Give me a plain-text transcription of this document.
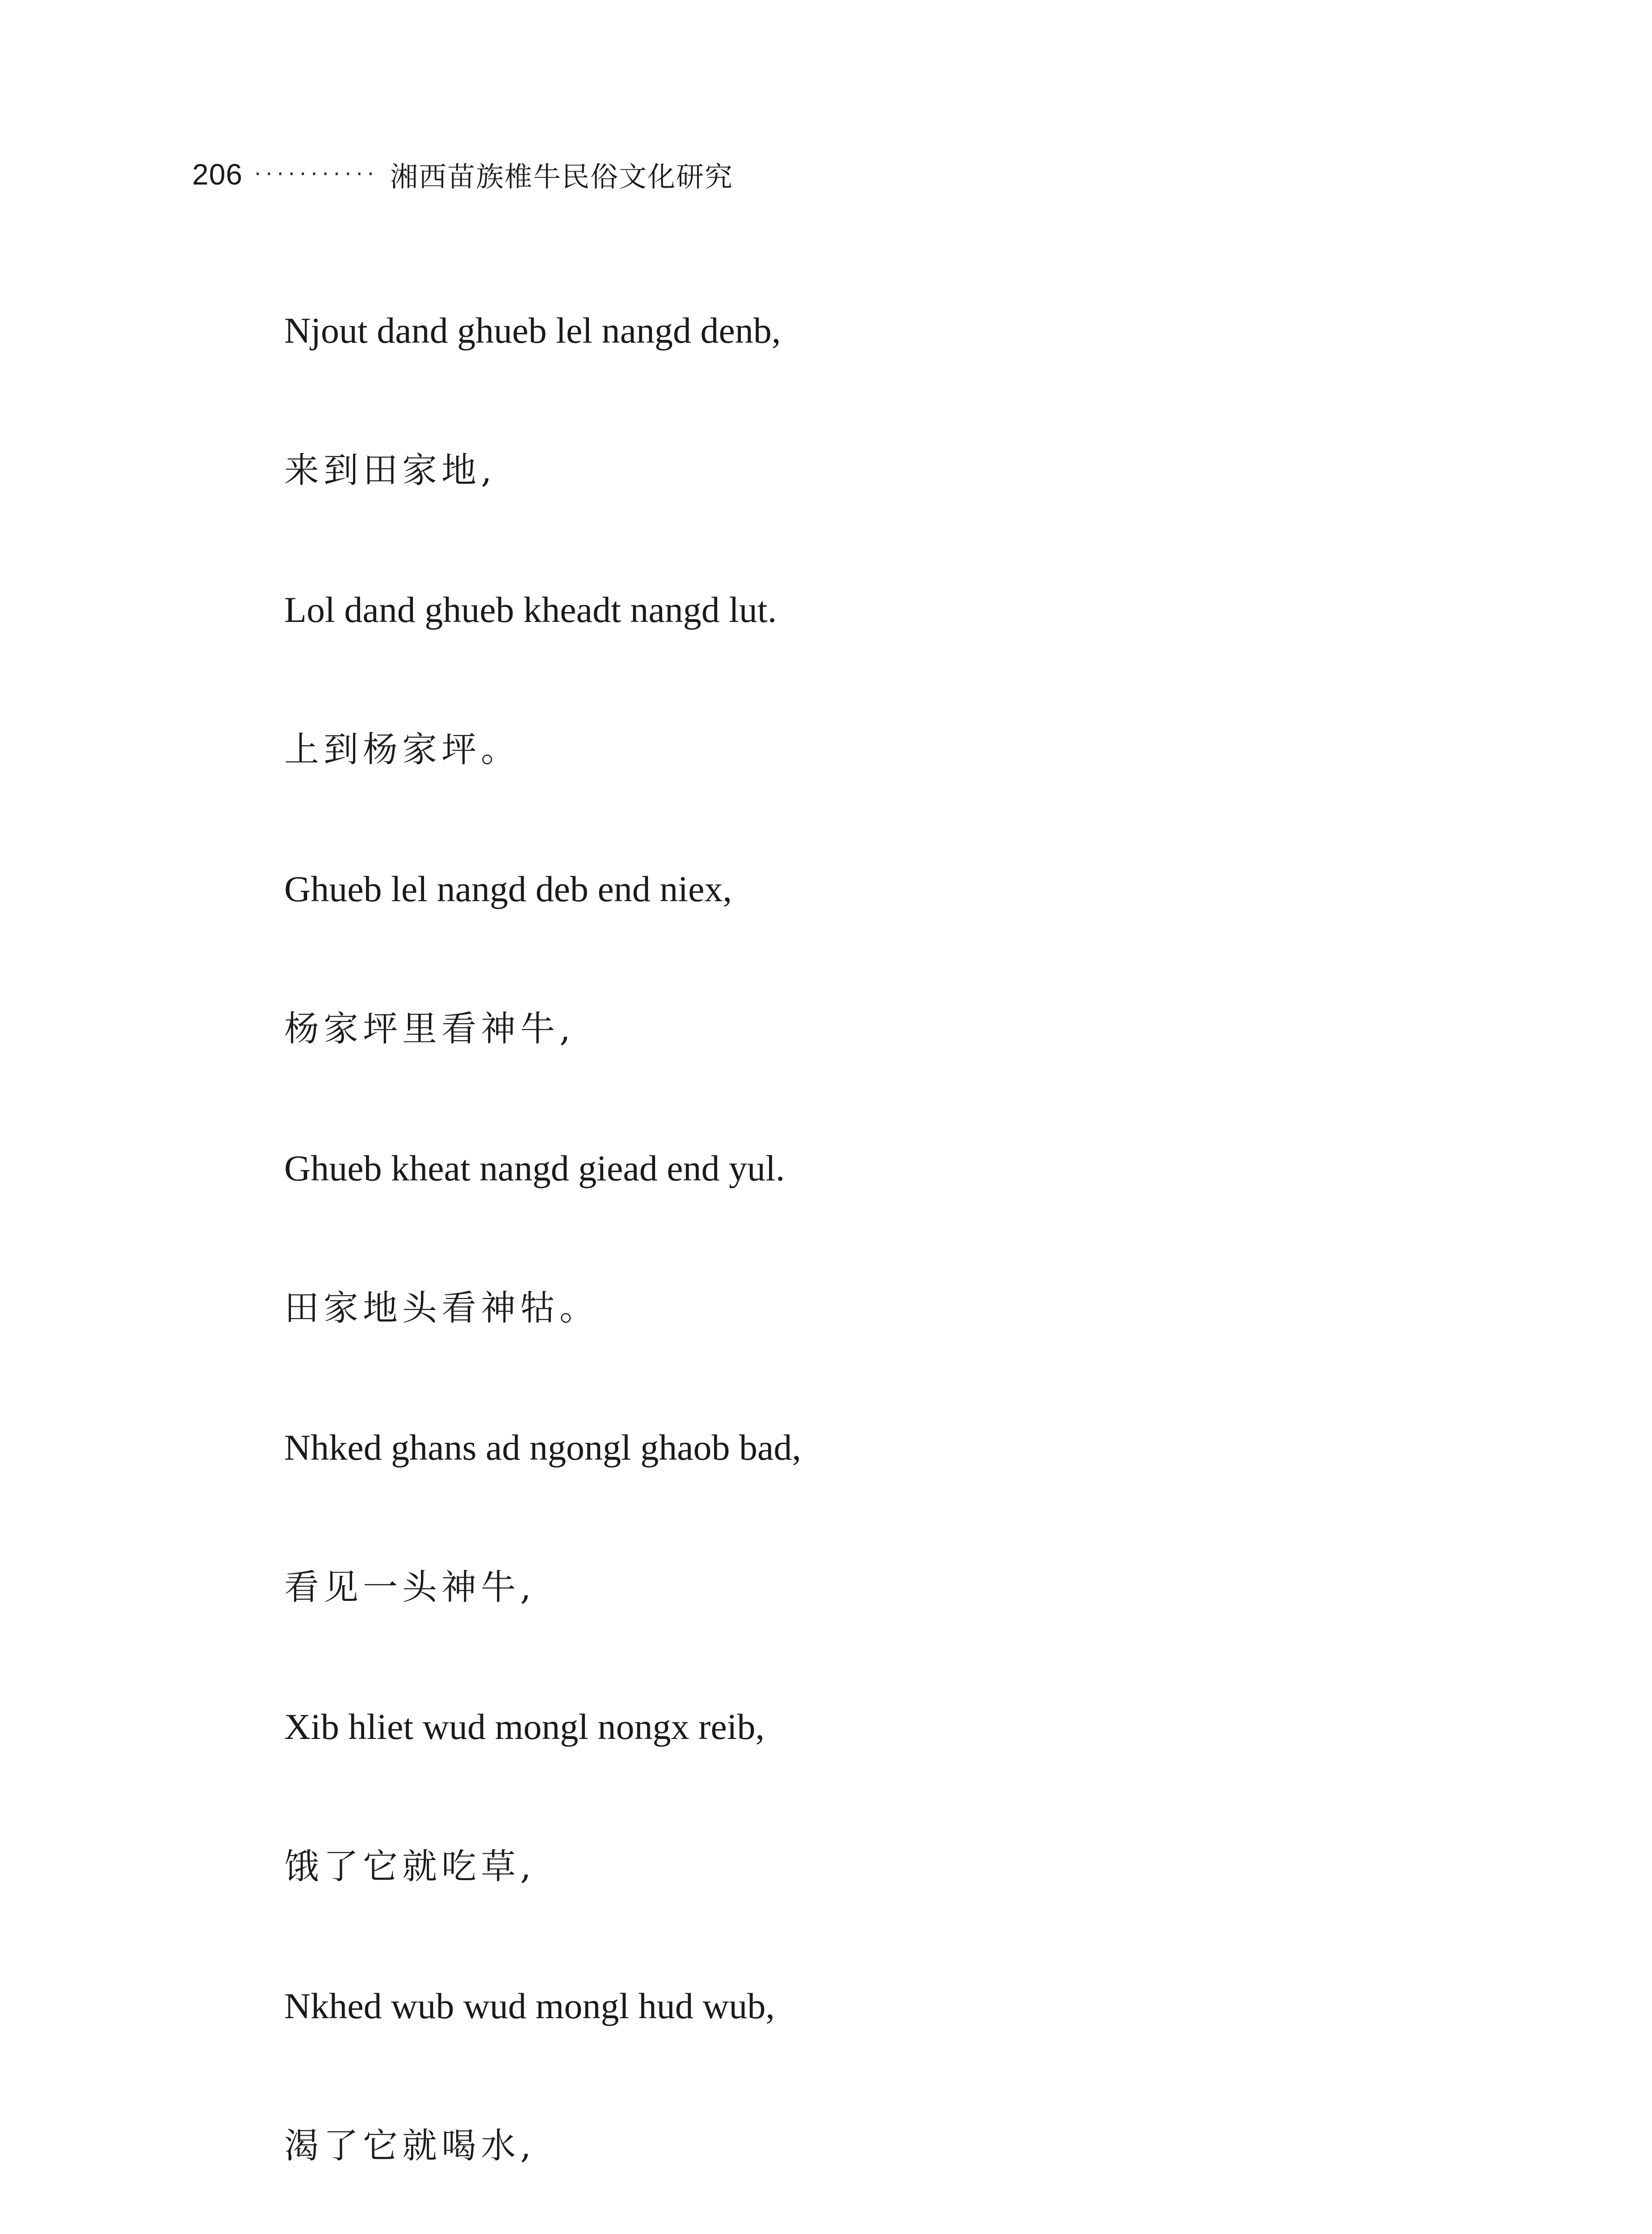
206 ··········· 湘西苗族椎牛民俗文化研究
Njout dand ghueb lel nangd denb,
来到田家地,
Lol dand ghueb kheadt nangd lut.
上到杨家坪。
Ghueb lel nangd deb end niex,
杨家坪里看神牛,
Ghueb kheat nangd giead end yul.
田家地头看神牯。
Nhked ghans ad ngongl ghaob bad,
看见一头神牛,
Xib hliet wud mongl nongx reib,
饿了它就吃草,
Nkhed wub wud mongl hud wub,
渴了它就喝水,
